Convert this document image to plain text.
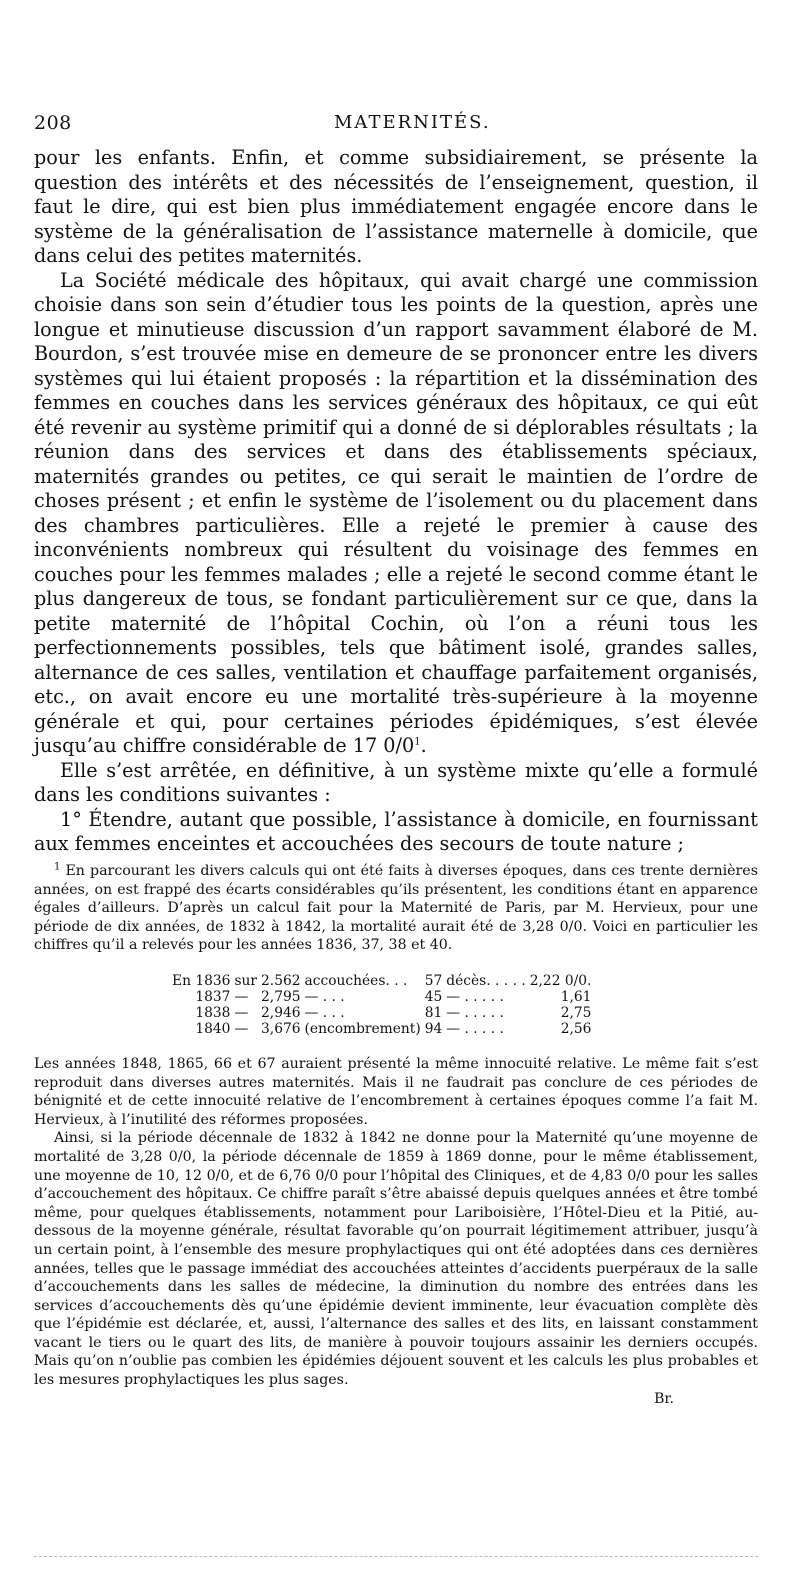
208	MATERNITÉS.

pour les enfants. Enfin, et comme subsidiairement, se présente la question des intérêts et des nécessités de l’enseignement, question, il faut le dire, qui est bien plus immédiatement engagée encore dans le système de la généralisation de l’assistance maternelle à domicile, que dans celui des petites maternités.

La Société médicale des hôpitaux, qui avait chargé une commission choisie dans son sein d’étudier tous les points de la question, après une longue et minutieuse discussion d’un rapport savamment élaboré de M. Bourdon, s’est trouvée mise en demeure de se prononcer entre les divers systèmes qui lui étaient proposés : la répartition et la dissémination des femmes en couches dans les services généraux des hôpitaux, ce qui eût été revenir au système primitif qui a donné de si déplorables résultats ; la réunion dans des services et dans des établissements spéciaux, maternités grandes ou petites, ce qui serait le maintien de l’ordre de choses présent ; et enfin le système de l’isolement ou du placement dans des chambres particulières. Elle a rejeté le premier à cause des inconvénients nombreux qui résultent du voisinage des femmes en couches pour les femmes malades ; elle a rejeté le second comme étant le plus dangereux de tous, se fondant particulièrement sur ce que, dans la petite maternité de l’hôpital Cochin, où l’on a réuni tous les perfectionnements possibles, tels que bâtiment isolé, grandes salles, alternance de ces salles, ventilation et chauffage parfaitement organisés, etc., on avait encore eu une mortalité très-supérieure à la moyenne générale et qui, pour certaines périodes épidémiques, s’est élevée jusqu’au chiffre considérable de 17 $0/0^1$.

Elle s’est arrêtée, en définitive, à un système mixte qu’elle a formulé dans les conditions suivantes :

1° Étendre, autant que possible, l’assistance à domicile, en fournissant aux femmes enceintes et accouchées des secours de toute nature ;

$^1$ En parcourant les divers calculs qui ont été faits à diverses époques, dans ces trente dernières années, on est frappé des écarts considérables qu’ils présentent, les conditions étant en apparence égales d’ailleurs. D’après un calcul fait pour la Maternité de Paris, par M. Hervieux, pour une période de dix années, de 1832 à 1842, la mortalité aurait été de 3,28 0/0. Voici en particulier les chiffres qu’il a relevés pour les années 1836, 37, 38 et 40.

En 1836	sur	2.562	accouchées. . .	57	décès. . . . .	2,22 0/0.
1837	—	2,795	— . . .	45	— . . . . .	1,61
1838	—	2,946	— . . .	81	— . . . . .	2,75
1840	—	3,676	(encombrement)	94	— . . . . .	2,56

Les années 1848, 1865, 66 et 67 auraient présenté la même innocuité relative. Le même fait s’est reproduit dans diverses autres maternités. Mais il ne faudrait pas conclure de ces périodes de bénignité et de cette innocuité relative de l’encombrement à certaines époques comme l’a fait M. Hervieux, à l’inutilité des réformes proposées.

Ainsi, si la période décennale de 1832 à 1842 ne donne pour la Maternité qu’une moyenne de mortalité de 3,28 0/0, la période décennale de 1859 à 1869 donne, pour le même établissement, une moyenne de 10, 12 0/0, et de 6,76 0/0 pour l’hôpital des Cliniques, et de 4,83 0/0 pour les salles d’accouchement des hôpitaux. Ce chiffre paraît s’être abaissé depuis quelques années et être tombé même, pour quelques établissements, notamment pour Lariboisière, l’Hôtel-Dieu et la Pitié, au-dessous de la moyenne générale, résultat favorable qu’on pourrait légitimement attribuer, jusqu’à un certain point, à l’ensemble des mesure prophylactiques qui ont été adoptées dans ces dernières années, telles que le passage immédiat des accouchées atteintes d’accidents puerpéraux de la salle d’accouchements dans les salles de médecine, la diminution du nombre des entrées dans les services d’accouchements dès qu’une épidémie devient imminente, leur évacuation complète dès que l’épidémie est déclarée, et, aussi, l’alternance des salles et des lits, en laissant constamment vacant le tiers ou le quart des lits, de manière à pouvoir toujours assainir les derniers occupés. Mais qu’on n’oublie pas combien les épidémies déjouent souvent et les calculs les plus probables et les mesures prophylactiques les plus sages.

Br.
